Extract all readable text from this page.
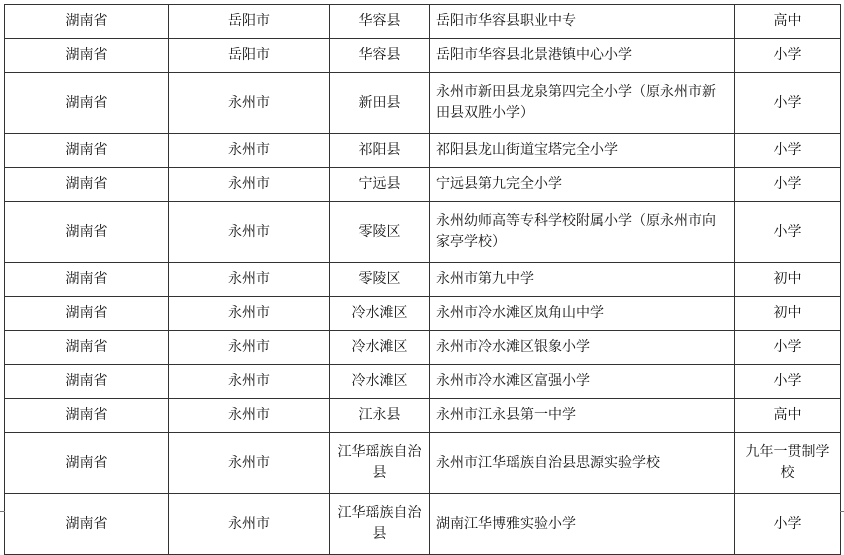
湖南省	岳阳市	华容县	岳阳市华容县职业中专	高中
湖南省	岳阳市	华容县	岳阳市华容县北景港镇中心小学	小学
湖南省	永州市	新田县	永州市新田县龙泉第四完全小学（原永州市新田县双胜小学）	小学
湖南省	永州市	祁阳县	祁阳县龙山街道宝塔完全小学	小学
湖南省	永州市	宁远县	宁远县第九完全小学	小学
湖南省	永州市	零陵区	永州幼师高等专科学校附属小学（原永州市向家亭学校）	小学
湖南省	永州市	零陵区	永州市第九中学	初中
湖南省	永州市	冷水滩区	永州市冷水滩区岚角山中学	初中
湖南省	永州市	冷水滩区	永州市冷水滩区银象小学	小学
湖南省	永州市	冷水滩区	永州市冷水滩区富强小学	小学
湖南省	永州市	江永县	永州市江永县第一中学	高中
湖南省	永州市	江华瑶族自治县	永州市江华瑶族自治县思源实验学校	九年一贯制学校
湖南省	永州市	江华瑶族自治县	湖南江华博雅实验小学	小学
